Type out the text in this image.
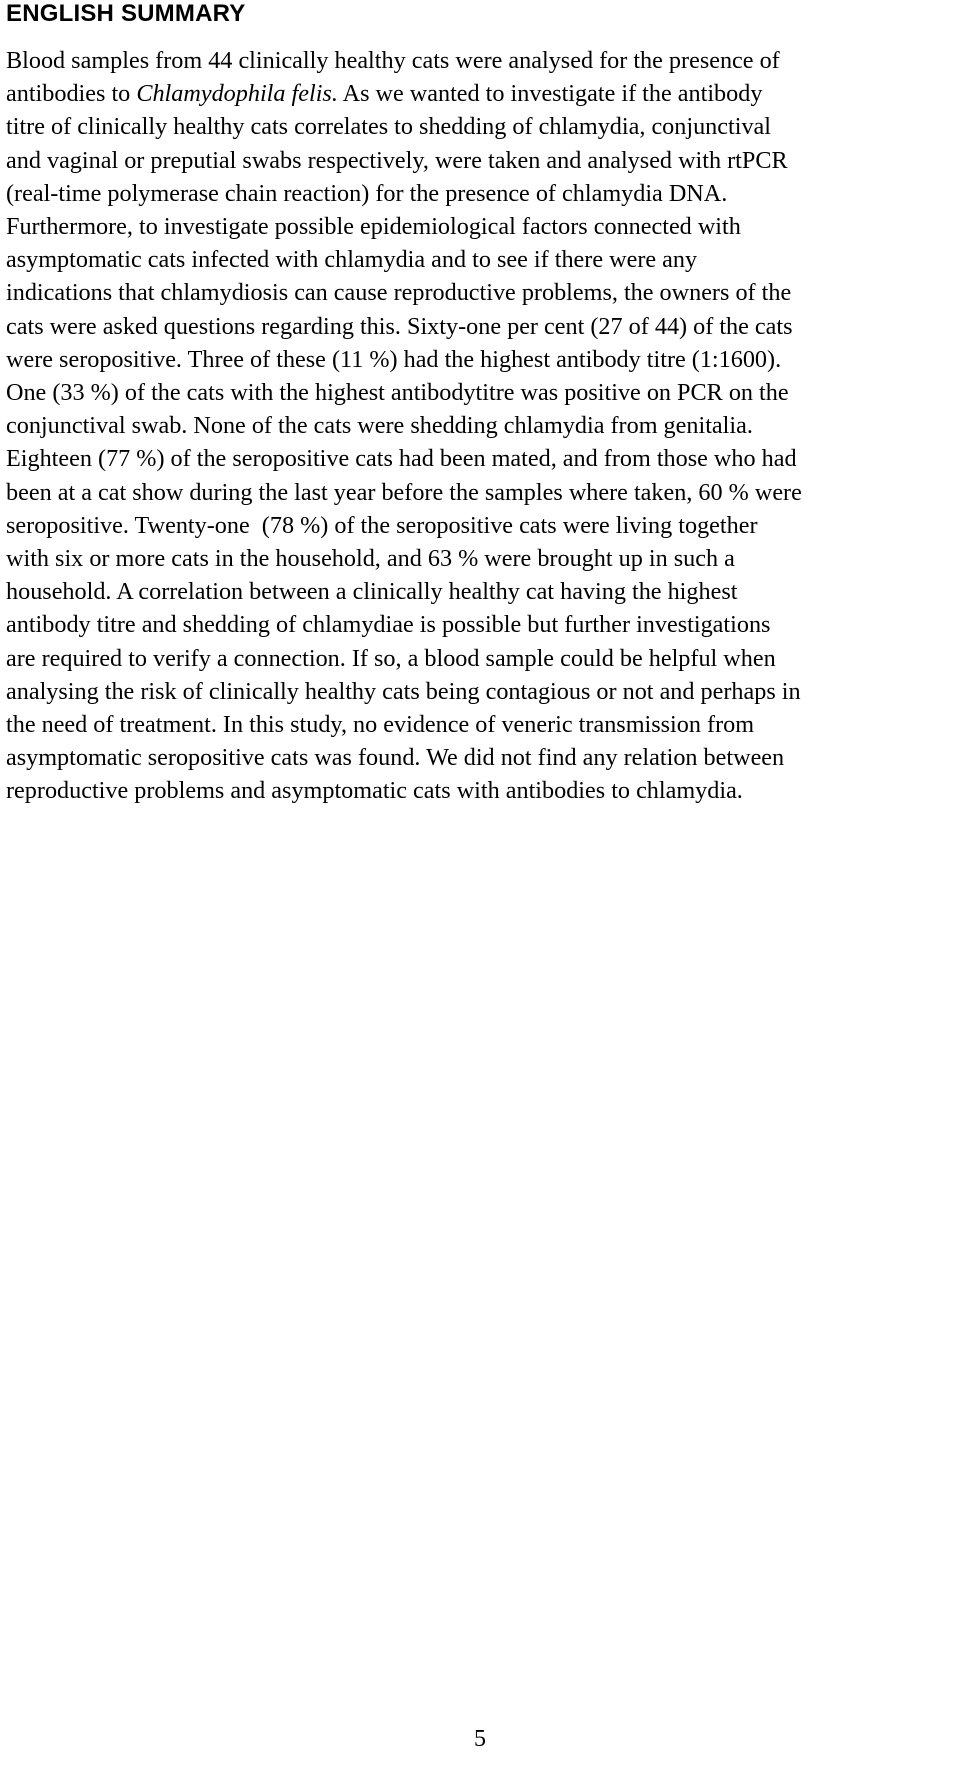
ENGLISH SUMMARY
Blood samples from 44 clinically healthy cats were analysed for the presence of
antibodies to Chlamydophila felis. As we wanted to investigate if the antibody
titre of clinically healthy cats correlates to shedding of chlamydia, conjunctival
and vaginal or preputial swabs respectively, were taken and analysed with rtPCR
(real-time polymerase chain reaction) for the presence of chlamydia DNA.
Furthermore, to investigate possible epidemiological factors connected with
asymptomatic cats infected with chlamydia and to see if there were any
indications that chlamydiosis can cause reproductive problems, the owners of the
cats were asked questions regarding this. Sixty-one per cent (27 of 44) of the cats
were seropositive. Three of these (11 %) had the highest antibody titre (1:1600).
One (33 %) of the cats with the highest antibodytitre was positive on PCR on the
conjunctival swab. None of the cats were shedding chlamydia from genitalia.
Eighteen (77 %) of the seropositive cats had been mated, and from those who had
been at a cat show during the last year before the samples where taken, 60 % were
seropositive. Twenty-one  (78 %) of the seropositive cats were living together
with six or more cats in the household, and 63 % were brought up in such a
household. A correlation between a clinically healthy cat having the highest
antibody titre and shedding of chlamydiae is possible but further investigations
are required to verify a connection. If so, a blood sample could be helpful when
analysing the risk of clinically healthy cats being contagious or not and perhaps in
the need of treatment. In this study, no evidence of veneric transmission from
asymptomatic seropositive cats was found. We did not find any relation between
reproductive problems and asymptomatic cats with antibodies to chlamydia.
5
